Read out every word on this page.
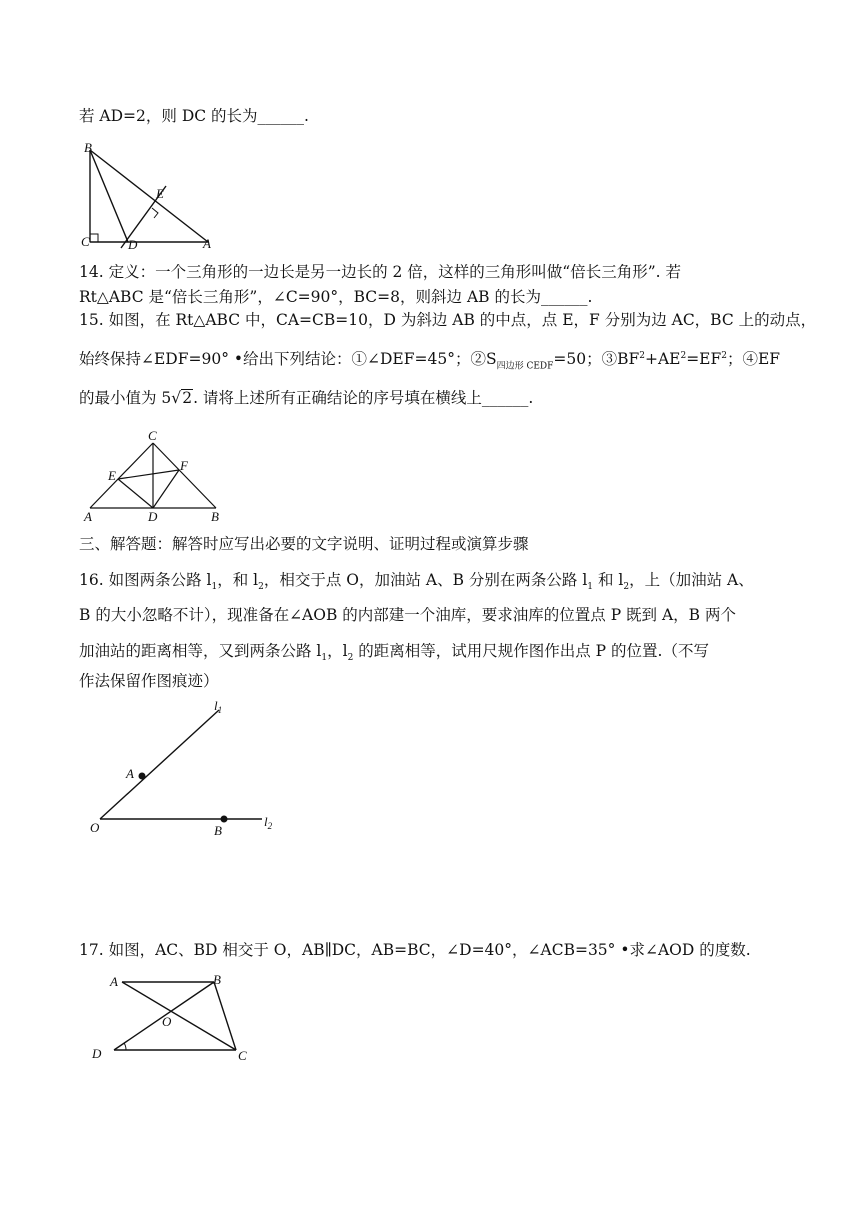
若 AD=2，则 DC 的长为______.
B
C	D
E
A
14. 定义：一个三角形的一边长是另一边长的 2 倍，这样的三角形叫做“倍长三角形”. 若
Rt△ABC 是“倍长三角形”，∠C=90°，BC=8，则斜边 AB 的长为______.
15. 如图，在 Rt△ABC 中，CA=CB=10，D 为斜边 AB 的中点，点 E，F 分别为边 AC，BC 上的动点，
始终保持∠EDF=90° •给出下列结论：①∠DEF=45°；$②S_{四边形 CEDF}=50$；$③BF^2+AE^2=EF^2$；④EF
的最小值为 5√2. 请将上述所有正确结论的序号填在横线上______.
C
E
F
A	D	B
三、解答题：解答时应写出必要的文字说明、证明过程或演算步骤
16. 如图两条公路 $l_1$，和 $l_2$，相交于点 O，加油站 A、B 分别在两条公路 $l_1$ 和 $l_2$，上（加油站 A、
B 的大小忽略不计），现准备在∠AOB 的内部建一个油库，要求油库的位置点 P 既到 A，B 两个
加油站的距离相等，又到两条公路 $l_1$，$l_2$ 的距离相等，试用尺规作图作出点 P 的位置.（不写
作法保留作图痕迹）
$l_1$
A
O	B
$l_2$
17. 如图，AC、BD 相交于 O，AB∥DC，AB=BC，∠D=40°，∠ACB=35° •求∠AOD 的度数.
A	B
O
D	C
